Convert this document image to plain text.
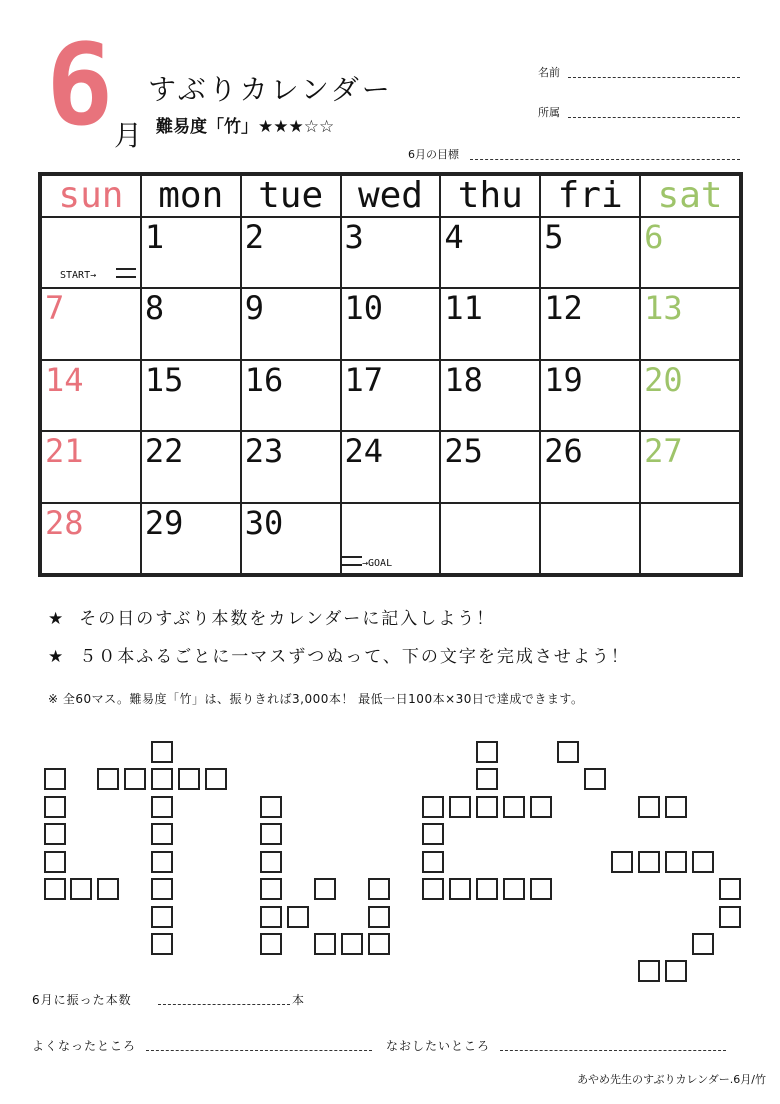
6 月
すぶりカレンダー
難易度「竹」★★★☆☆
名前
所属
6月の目標
sun	mon	tue	wed	thu	fri	sat
	1	2	3	4	5	6
7	8	9	10	11	12	13
14	15	16	17	18	19	20
21	22	23	24	25	26	27
28	29	30				
START→
→GOAL
★ その日のすぶり本数をカレンダーに記入しよう！
★ ５０本ふるごとに一マスずつぬって、下の文字を完成させよう！
※ 全60マス。難易度「竹」は、振りきれば3,000本！ 最低一日100本×30日で達成できます。
6月に振った本数	本
よくなったところ	なおしたいところ
あやめ先生のすぶりカレンダー.6月/竹
